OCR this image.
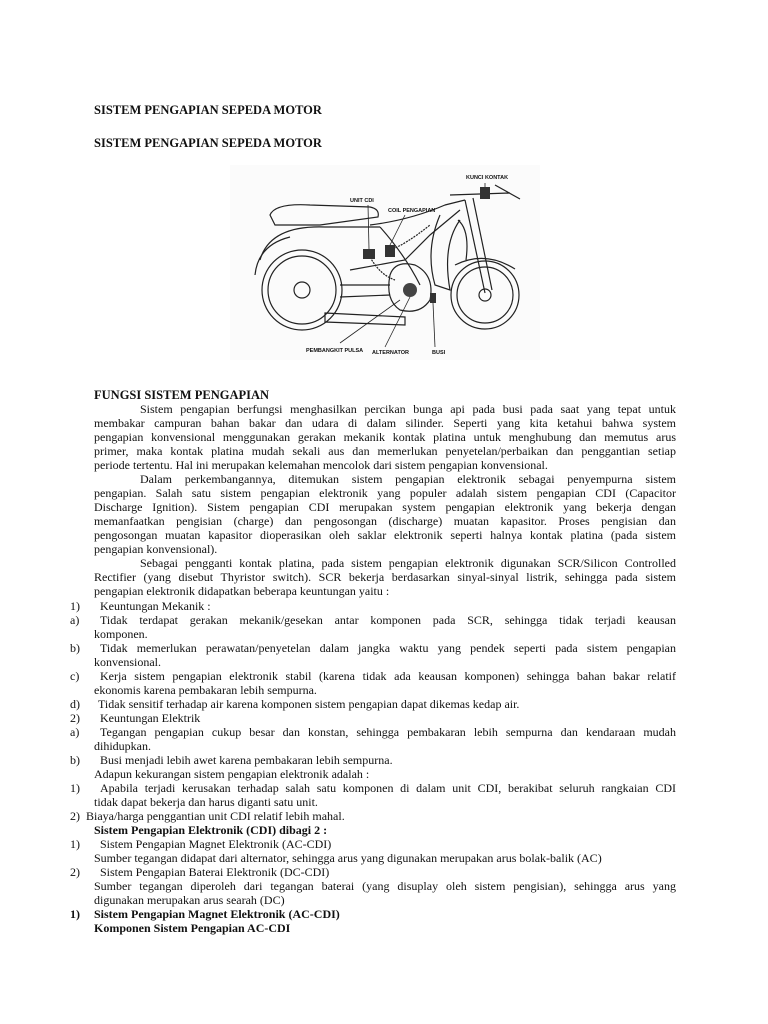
SISTEM PENGAPIAN SEPEDA MOTOR
SISTEM PENGAPIAN SEPEDA MOTOR
KUNCI KONTAK
UNIT CDI
COIL PENGAPIAN
PEMBANGKIT PULSA ALTERNATOR	BUSI
FUNGSI SISTEM PENGAPIAN
Sistem pengapian berfungsi menghasilkan percikan bunga api pada busi pada saat yang tepat untuk
membakar campuran bahan bakar dan udara di dalam silinder. Seperti yang kita ketahui bahwa system
pengapian konvensional menggunakan gerakan mekanik kontak platina untuk menghubung dan memutus arus
primer, maka kontak platina mudah sekali aus dan memerlukan penyetelan/perbaikan dan penggantian setiap
periode tertentu. Hal ini merupakan kelemahan mencolok dari sistem pengapian konvensional.
Dalam perkembangannya, ditemukan sistem pengapian elektronik sebagai penyempurna sistem
pengapian. Salah satu sistem pengapian elektronik yang populer adalah sistem pengapian CDI (Capacitor
Discharge Ignition). Sistem pengapian CDI merupakan system pengapian elektronik yang bekerja dengan
memanfaatkan pengisian (charge) dan pengosongan (discharge) muatan kapasitor. Proses pengisian dan
pengosongan muatan kapasitor dioperasikan oleh saklar elektronik seperti halnya kontak platina (pada sistem
pengapian konvensional).
Sebagai pengganti kontak platina, pada sistem pengapian elektronik digunakan SCR/Silicon Controlled
Rectifier (yang disebut Thyristor switch). SCR bekerja berdasarkan sinyal-sinyal listrik, sehingga pada sistem
pengapian elektronik didapatkan beberapa keuntungan yaitu :
1) Keuntungan Mekanik :
a) Tidak terdapat gerakan mekanik/gesekan antar komponen pada SCR, sehingga tidak terjadi keausan
komponen.
b) Tidak memerlukan perawatan/penyetelan dalam jangka waktu yang pendek seperti pada sistem pengapian
konvensional.
c) Kerja sistem pengapian elektronik stabil (karena tidak ada keausan komponen) sehingga bahan bakar relatif
ekonomis karena pembakaran lebih sempurna.
d) Tidak sensitif terhadap air karena komponen sistem pengapian dapat dikemas kedap air.
2) Keuntungan Elektrik
a) Tegangan pengapian cukup besar dan konstan, sehingga pembakaran lebih sempurna dan kendaraan mudah
dihidupkan.
b) Busi menjadi lebih awet karena pembakaran lebih sempurna.
Adapun kekurangan sistem pengapian elektronik adalah :
1) Apabila terjadi kerusakan terhadap salah satu komponen di dalam unit CDI, berakibat seluruh rangkaian CDI
tidak dapat bekerja dan harus diganti satu unit.
2) Biaya/harga penggantian unit CDI relatif lebih mahal.
Sistem Pengapian Elektronik (CDI) dibagi 2 :
1) Sistem Pengapian Magnet Elektronik (AC-CDI)
Sumber tegangan didapat dari alternator, sehingga arus yang digunakan merupakan arus bolak-balik (AC)
2) Sistem Pengapian Baterai Elektronik (DC-CDI)
Sumber tegangan diperoleh dari tegangan baterai (yang disuplay oleh sistem pengisian), sehingga arus yang
digunakan merupakan arus searah (DC)
1) Sistem Pengapian Magnet Elektronik (AC-CDI)
Komponen Sistem Pengapian AC-CDI
